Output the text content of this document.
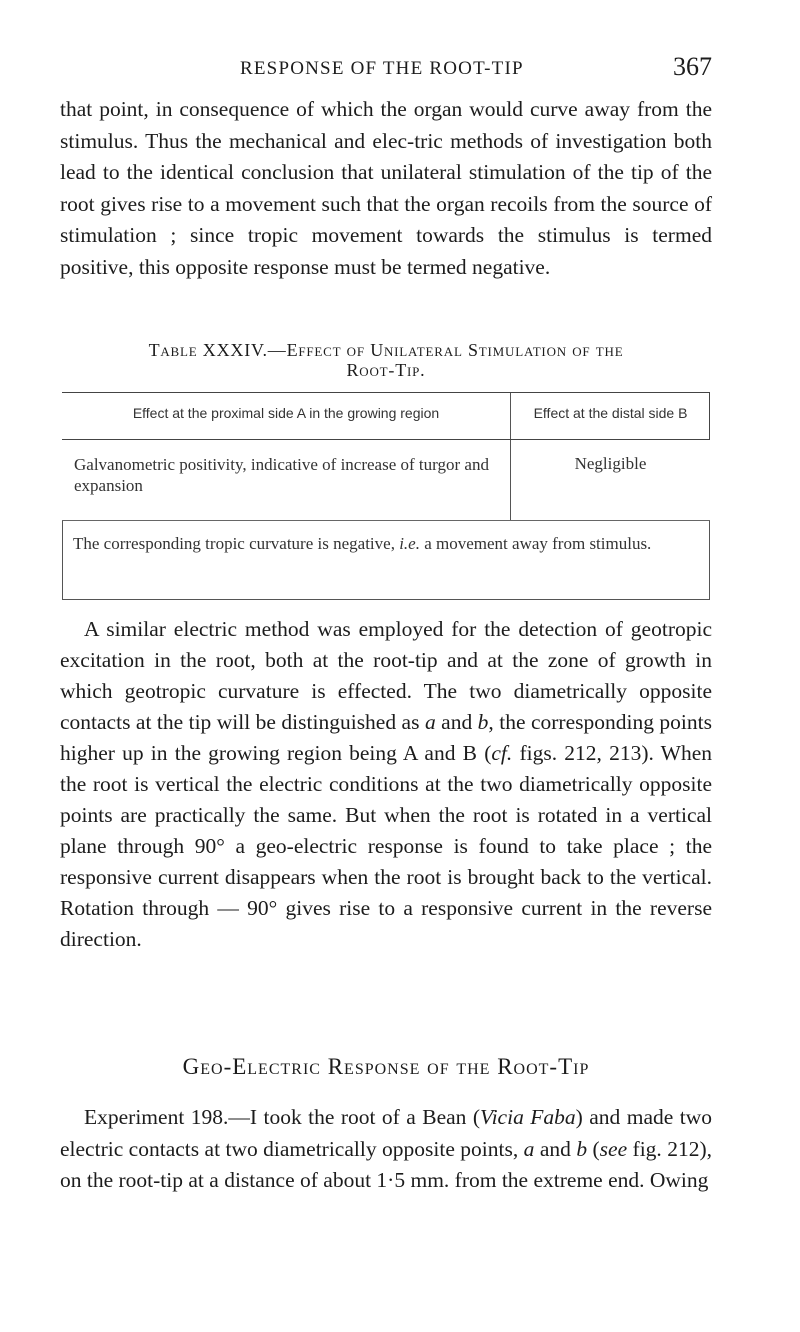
RESPONSE OF THE ROOT-TIP	367

that point, in consequence of which the organ would curve away from the stimulus. Thus the mechanical and elec-tric methods of investigation both lead to the identical conclusion that unilateral stimulation of the tip of the root gives rise to a movement such that the organ recoils from the source of stimulation ; since tropic movement towards the stimulus is termed positive, this opposite response must be termed negative.

Table XXXIV.—Effect of Unilateral Stimulation of the
Root-Tip.
Effect at the proximal side A in the growing region	Effect at the distal side B
Galvanometric positivity, indicative of increase of turgor and expansion
Negligible
The corresponding tropic curvature is negative, i.e. a movement away from stimulus.

A similar electric method was employed for the detection of geotropic excitation in the root, both at the root-tip and at the zone of growth in which geotropic curvature is effected. The two diametrically opposite contacts at the tip will be distinguished as a and b, the corresponding points higher up in the growing region being A and B (cf. figs. 212, 213). When the root is vertical the electric conditions at the two diametrically opposite points are practically the same. But when the root is rotated in a vertical plane through 90° a geo-electric response is found to take place ; the responsive current disappears when the root is brought back to the vertical. Rotation through — 90° gives rise to a responsive current in the reverse direction.

Geo-Electric Response of the Root-Tip

Experiment 198.—I took the root of a Bean (Vicia Faba) and made two electric contacts at two diametrically opposite points, a and b (see fig. 212), on the root-tip at a distance of about 1·5 mm. from the extreme end. Owing
